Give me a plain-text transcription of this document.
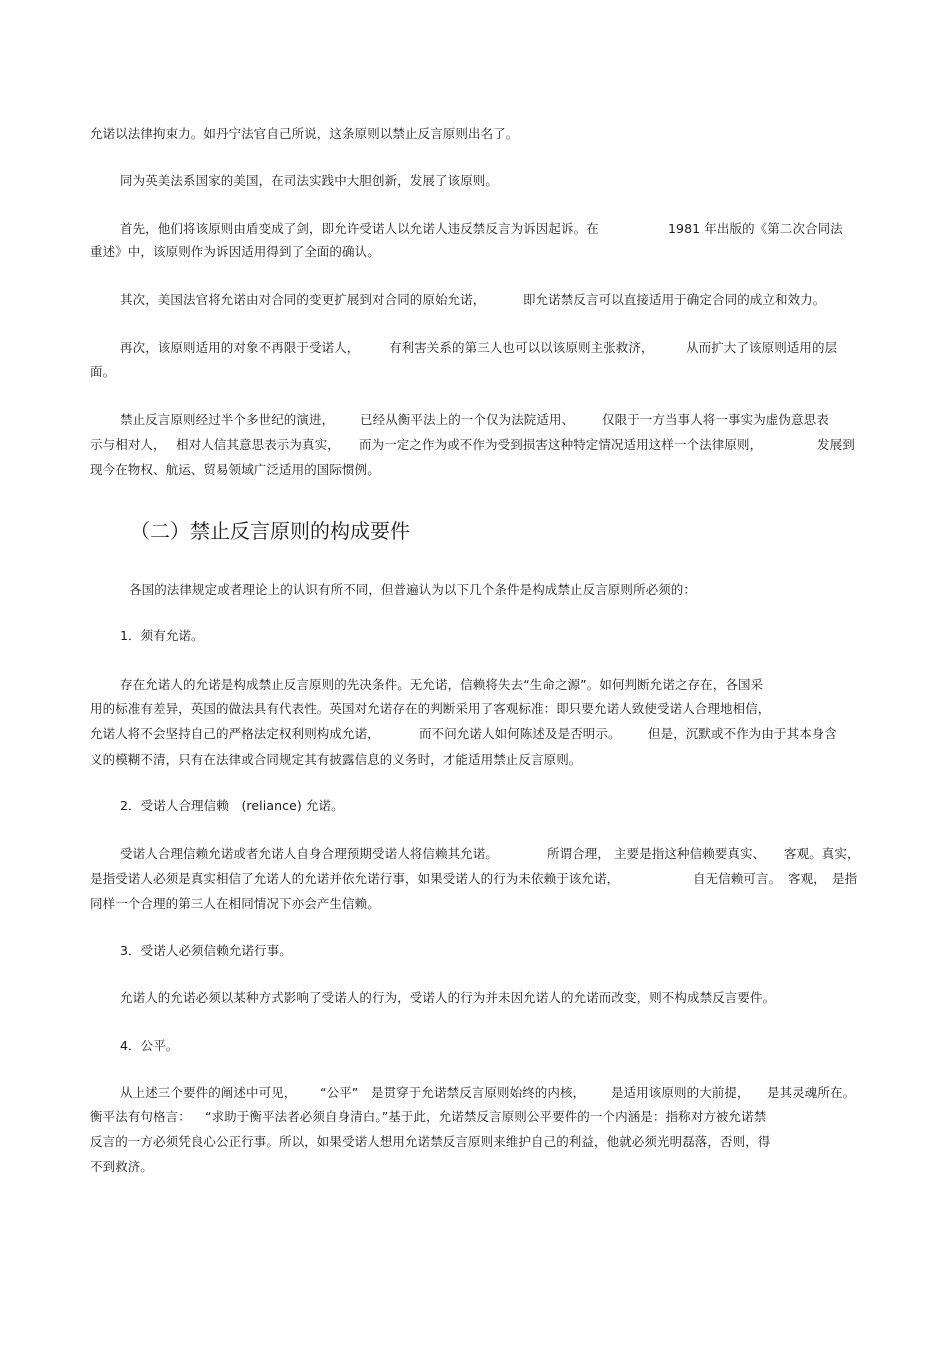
允诺以法律拘束力。如丹宁法官自己所说，这条原则以禁止反言原则出名了。

同为英美法系国家的美国，在司法实践中大胆创新，发展了该原则。

首先，他们将该原则由盾变成了剑，即允许受诺人以允诺人违反禁反言为诉因起诉。在	1981 年出版的《第二次合同法

重述》中，该原则作为诉因适用得到了全面的确认。

其次，美国法官将允诺由对合同的变更扩展到对合同的原始允诺，	即允诺禁反言可以直接适用于确定合同的成立和效力。

再次，该原则适用的对象不再限于受诺人， 有利害关系的第三人也可以以该原则主张救济，	从而扩大了该原则适用的层

面。

禁止反言原则经过半个多世纪的演进， 已经从衡平法上的一个仅为法院适用、 仅限于一方当事人将一事实为虚伪意思表

示与相对人， 相对人信其意思表示为真实， 而为一定之作为或不作为受到损害这种特定情况适用这样一个法律原则，	发展到

现今在物权、航运、贸易领域广泛适用的国际惯例。

（二）禁止反言原则的构成要件

各国的法律规定或者理论上的认识有所不同，但普遍认为以下几个条件是构成禁止反言原则所必须的：

1．须有允诺。

存在允诺人的允诺是构成禁止反言原则的先决条件。无允诺，信赖将失去“生命之源”。如何判断允诺之存在，各国采

用的标准有差异，英国的做法具有代表性。英国对允诺存在的判断采用了客观标准：即只要允诺人致使受诺人合理地相信，

允诺人将不会坚持自己的严格法定权利则构成允诺，	而不问允诺人如何陈述及是否明示。 但是，沉默或不作为由于其本身含

义的模糊不清，只有在法律或合同规定其有披露信息的义务时，才能适用禁止反言原则。

2．受诺人合理信赖　(reliance) 允诺。

受诺人合理信赖允诺或者允诺人自身合理预期受诺人将信赖其允诺。	所谓合理， 主要是指这种信赖要真实、 客观。真实，

是指受诺人必须是真实相信了允诺人的允诺并依允诺行事，如果受诺人的行为未依赖于该允诺，	自无信赖可言。 客观， 是指

同样一个合理的第三人在相同情况下亦会产生信赖。

3．受诺人必须信赖允诺行事。

允诺人的允诺必须以某种方式影响了受诺人的行为，受诺人的行为并未因允诺人的允诺而改变，则不构成禁反言要件。

4．公平。

从上述三个要件的阐述中可见， “公平” 是贯穿于允诺禁反言原则始终的内核， 是适用该原则的大前提， 是其灵魂所在。

衡平法有句格言： “求助于衡平法者必须自身清白。”基于此，允诺禁反言原则公平要件的一个内涵是：指称对方被允诺禁

反言的一方必须凭良心公正行事。所以，如果受诺人想用允诺禁反言原则来维护自己的利益，他就必须光明磊落，否则，得

不到救济。
